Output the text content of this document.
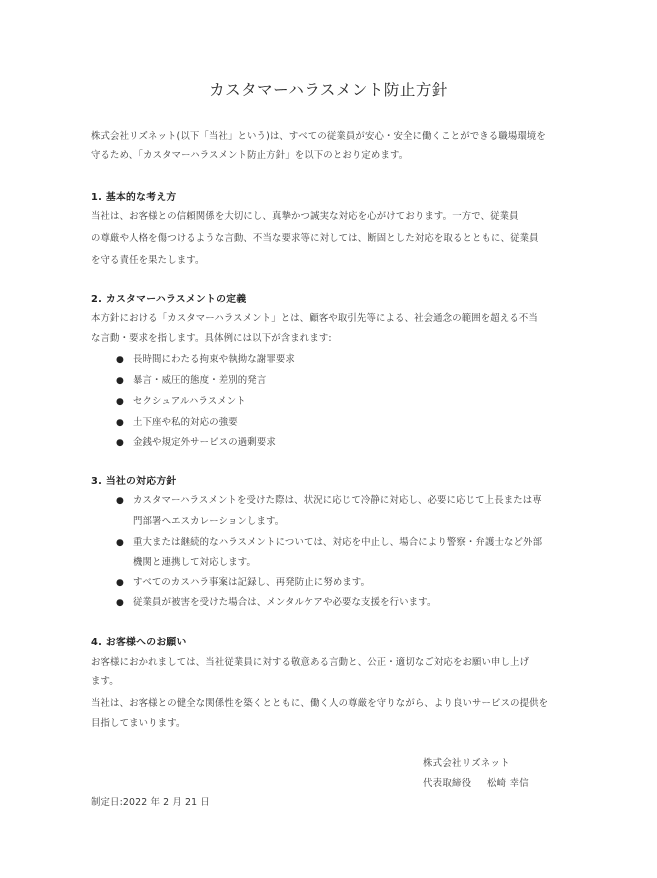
カスタマーハラスメント防止方針
株式会社リズネット(以下「当社」という)は、すべての従業員が安心・安全に働くことができる職場環境を
守るため、「カスタマーハラスメント防止方針」を以下のとおり定めます。
1. 基本的な考え方
当社は、お客様との信頼関係を大切にし、真摯かつ誠実な対応を心がけております。一方で、従業員
の尊厳や人格を傷つけるような言動、不当な要求等に対しては、断固とした対応を取るとともに、従業員
を守る責任を果たします。
2. カスタマーハラスメントの定義
本方針における「カスタマーハラスメント」とは、顧客や取引先等による、社会通念の範囲を超える不当
な言動・要求を指します。具体例には以下が含まれます:
● 長時間にわたる拘束や執拗な謝罪要求
● 暴言・威圧的態度・差別的発言
● セクシュアルハラスメント
● 土下座や私的対応の強要
● 金銭や規定外サービスの過剰要求
3. 当社の対応方針
● カスタマーハラスメントを受けた際は、状況に応じて冷静に対応し、必要に応じて上長または専
門部署へエスカレーションします。
● 重大または継続的なハラスメントについては、対応を中止し、場合により警察・弁護士など外部
機関と連携して対応します。
● すべてのカスハラ事案は記録し、再発防止に努めます。
● 従業員が被害を受けた場合は、メンタルケアや必要な支援を行います。
4. お客様へのお願い
お客様におかれましては、当社従業員に対する敬意ある言動と、公正・適切なご対応をお願い申し上げ
ます。
当社は、お客様との健全な関係性を築くとともに、働く人の尊厳を守りながら、より良いサービスの提供を
目指してまいります。
株式会社リズネット
代表取締役 松崎 幸信
制定日:2022 年 2 月 21 日
